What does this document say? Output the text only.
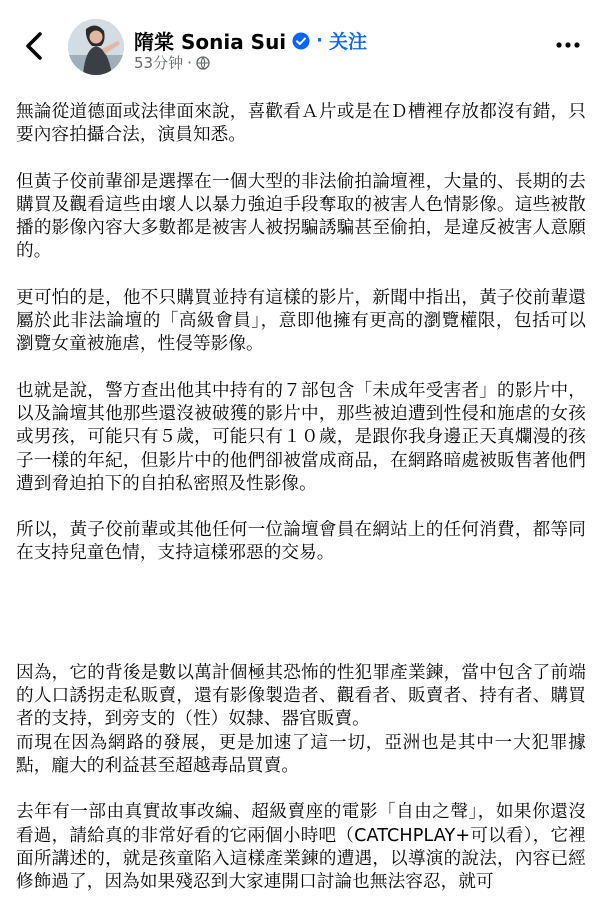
隋棠 Sonia Sui · 关注
53分钟 ·

無論從道德面或法律面來說，喜歡看Ａ片或是在Ｄ槽裡存放都沒有錯，只要內容拍攝合法，演員知悉。

但黃子佼前輩卻是選擇在一個大型的非法偷拍論壇裡，大量的、長期的去購買及觀看這些由壞人以暴力強迫手段奪取的被害人色情影像。這些被散播的影像內容大多數都是被害人被拐騙誘騙甚至偷拍，是違反被害人意願的。

更可怕的是，他不只購買並持有這樣的影片，新聞中指出，黃子佼前輩還屬於此非法論壇的「高級會員」，意即他擁有更高的瀏覽權限，包括可以瀏覽女童被施虐，性侵等影像。

也就是說，警方查出他其中持有的７部包含「未成年受害者」的影片中，以及論壇其他那些還沒被破獲的影片中，那些被迫遭到性侵和施虐的女孩或男孩，可能只有５歲，可能只有１０歲，是跟你我身邊正天真爛漫的孩子一樣的年紀，但影片中的他們卻被當成商品，在網路暗處被販售著他們遭到脅迫拍下的自拍私密照及性影像。

所以，黃子佼前輩或其他任何一位論壇會員在網站上的任何消費，都等同在支持兒童色情，支持這樣邪惡的交易。

因為，它的背後是數以萬計個極其恐怖的性犯罪產業鍊，當中包含了前端的人口誘拐走私販賣，還有影像製造者、觀看者、販賣者、持有者、購買者的支持，到旁支的（性）奴隸、器官販賣。

而現在因為網路的發展，更是加速了這一切，亞洲也是其中一大犯罪據點，龐大的利益甚至超越毒品買賣。

去年有一部由真實故事改編、超級賣座的電影「自由之聲」，如果你還沒看過，請給真的非常好看的它兩個小時吧（CATCHPLAY+可以看），它裡面所講述的，就是孩童陷入這樣產業鍊的遭遇，以導演的說法，內容已經修飾過了，因為如果殘忍到大家連開口討論也無法容忍，就可
